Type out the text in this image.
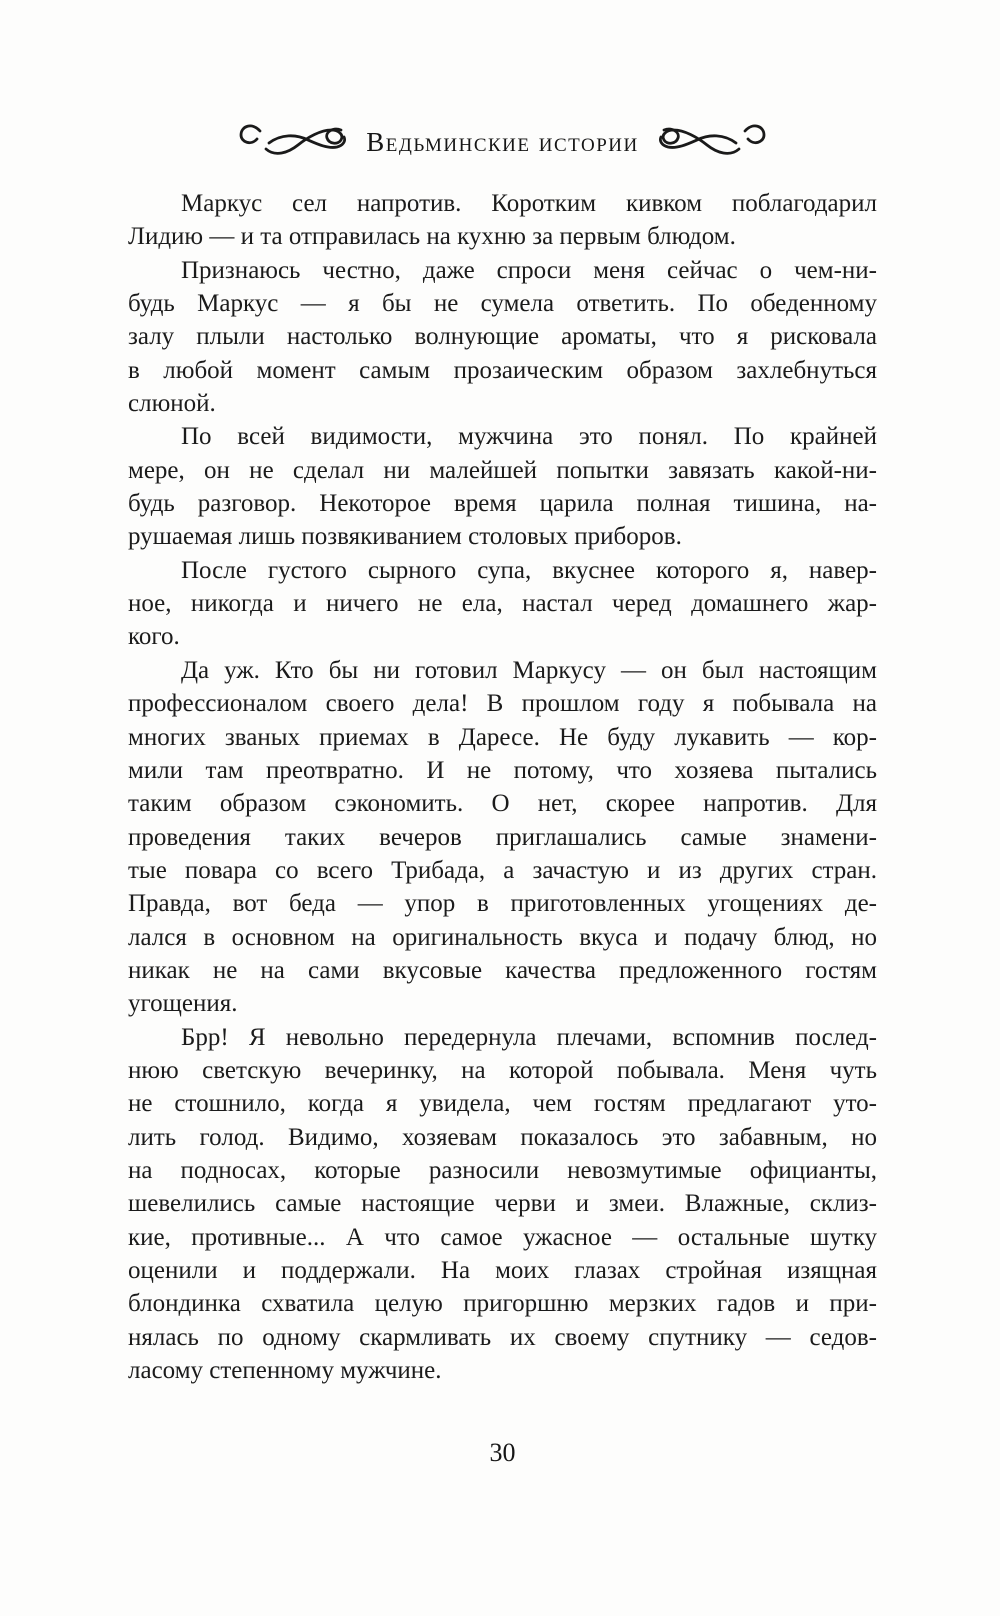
Ведьминские истории
Маркус сел напротив. Коротким кивком поблагодарил
Лидию — и та отправилась на кухню за первым блюдом.
Признаюсь честно, даже спроси меня сейчас о чем-ни-
будь Маркус — я бы не сумела ответить. По обеденному
залу плыли настолько волнующие ароматы, что я рисковала
в любой момент самым прозаическим образом захлебнуться
слюной.
По всей видимости, мужчина это понял. По крайней
мере, он не сделал ни малейшей попытки завязать какой-ни-
будь разговор. Некоторое время царила полная тишина, на-
рушаемая лишь позвякиванием столовых приборов.
После густого сырного супа, вкуснее которого я, навер-
ное, никогда и ничего не ела, настал черед домашнего жар-
кого.
Да уж. Кто бы ни готовил Маркусу — он был настоящим
профессионалом своего дела! В прошлом году я побывала на
многих званых приемах в Даресе. Не буду лукавить — кор-
мили там преотвратно. И не потому, что хозяева пытались
таким образом сэкономить. О нет, скорее напротив. Для
проведения таких вечеров приглашались самые знамени-
тые повара со всего Трибада, а зачастую и из других стран.
Правда, вот беда — упор в приготовленных угощениях де-
лался в основном на оригинальность вкуса и подачу блюд, но
никак не на сами вкусовые качества предложенного гостям
угощения.
Брр! Я невольно передернула плечами, вспомнив послед-
нюю светскую вечеринку, на которой побывала. Меня чуть
не стошнило, когда я увидела, чем гостям предлагают уто-
лить голод. Видимо, хозяевам показалось это забавным, но
на подносах, которые разносили невозмутимые официанты,
шевелились самые настоящие черви и змеи. Влажные, склиз-
кие, противные... А что самое ужасное — остальные шутку
оценили и поддержали. На моих глазах стройная изящная
блондинка схватила целую пригоршню мерзких гадов и при-
нялась по одному скармливать их своему спутнику — седов-
ласому степенному мужчине.
30
